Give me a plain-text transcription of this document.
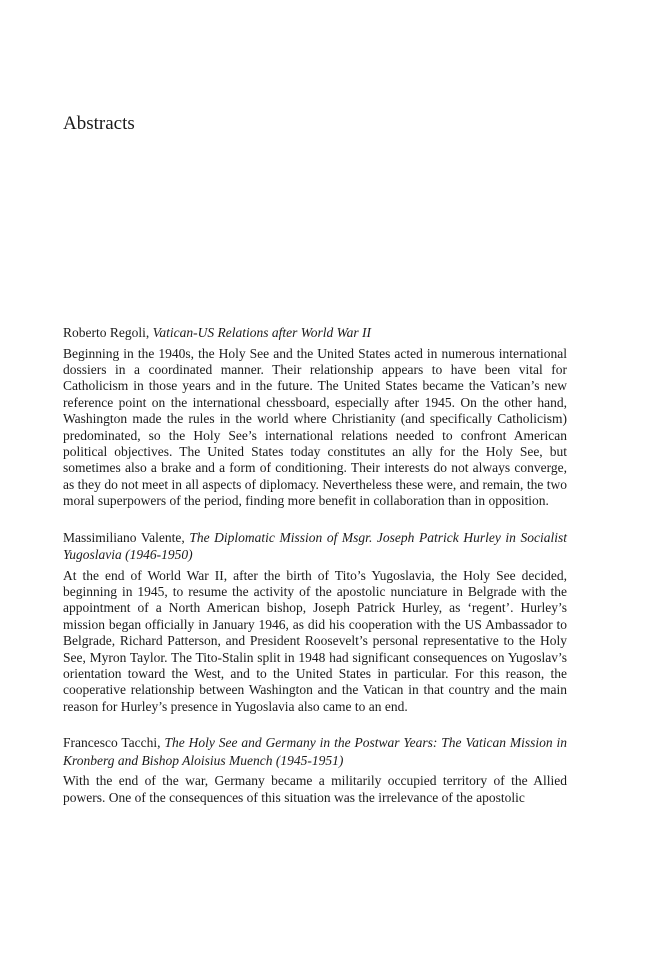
Abstracts

Roberto Regoli, Vatican-US Relations after World War II

Beginning in the 1940s, the Holy See and the United States acted in numerous international dossiers in a coordinated manner. Their relationship appears to have been vital for Catholicism in those years and in the future. The United States became the Vatican’s new reference point on the international chessboard, especially after 1945. On the other hand, Washington made the rules in the world where Christianity (and specifically Catholicism) predominated, so the Holy See’s international relations needed to confront American political objectives. The United States today constitutes an ally for the Holy See, but sometimes also a brake and a form of conditioning. Their interests do not always converge, as they do not meet in all aspects of diplomacy. Nevertheless these were, and remain, the two moral superpowers of the period, finding more benefit in collaboration than in opposition.

Massimiliano Valente, The Diplomatic Mission of Msgr. Joseph Patrick Hurley in Socialist Yugoslavia (1946-1950)

At the end of World War II, after the birth of Tito’s Yugoslavia, the Holy See decided, beginning in 1945, to resume the activity of the apostolic nunciature in Belgrade with the appointment of a North American bishop, Joseph Patrick Hurley, as ‘regent’. Hurley’s mission began officially in January 1946, as did his cooperation with the US Ambassador to Belgrade, Richard Patterson, and President Roosevelt’s personal representative to the Holy See, Myron Taylor. The Tito-Stalin split in 1948 had significant consequences on Yugoslav’s orientation toward the West, and to the United States in particular. For this reason, the cooperative relationship between Washington and the Vatican in that country and the main reason for Hurley’s presence in Yugoslavia also came to an end.

Francesco Tacchi, The Holy See and Germany in the Postwar Years: The Vatican Mission in Kronberg and Bishop Aloisius Muench (1945-1951)

With the end of the war, Germany became a militarily occupied territory of the Allied powers. One of the consequences of this situation was the irrelevance of the apostolic
